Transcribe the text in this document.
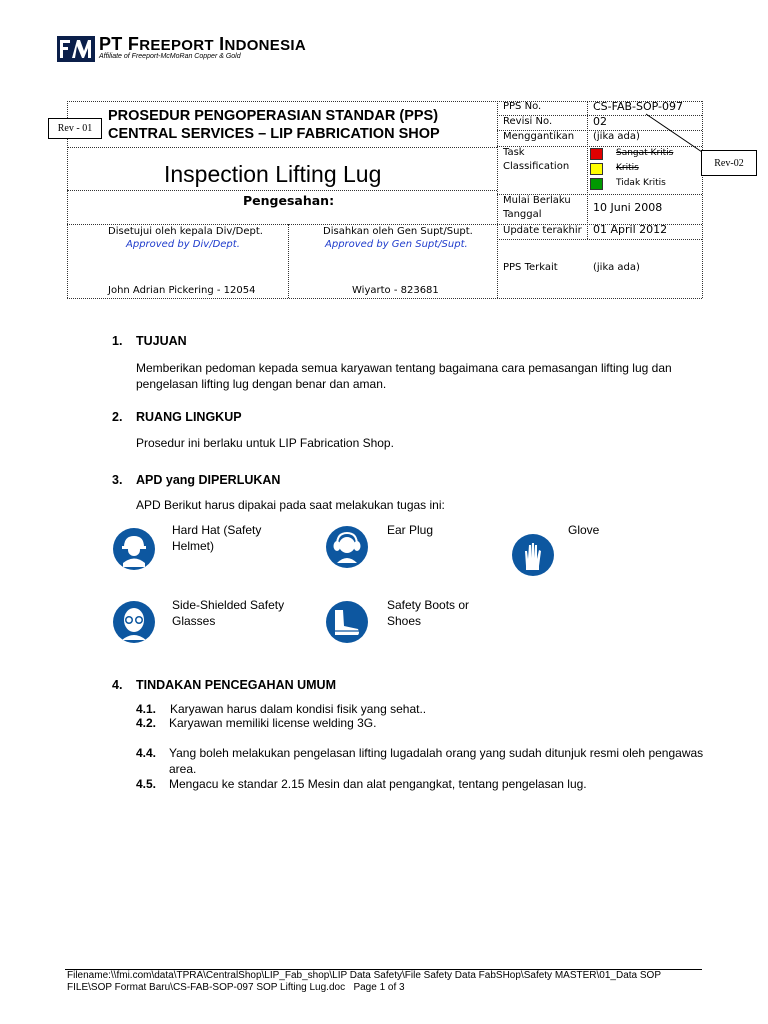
PT FREEPORT INDONESIA
Affiliate of Freeport-McMoRan Copper & Gold
Rev - 01
Rev-02
PROSEDUR PENGOPERASIAN STANDAR (PPS)
CENTRAL SERVICES – LIP FABRICATION SHOP
Inspection Lifting Lug
Pengesahan:
Disetujui oleh kepala Div/Dept.
Approved by Div/Dept.
John Adrian Pickering - 12054
Disahkan oleh Gen Supt/Supt.
Approved by Gen Supt/Supt.
Wiyarto - 823681
PPS No.	CS-FAB-SOP-097
Revisi No.	02
Menggantikan (jika ada)
Task
Classification
Sangat Kritis
Kritis
Tidak Kritis
Mulai Berlaku
Tanggal
10 Juni 2008
Update terakhir 01 April 2012
PPS Terkait	(jika ada)
1. TUJUAN
Memberikan pedoman kepada semua karyawan tentang bagaimana cara pemasangan lifting lug dan pengelasan lifting lug dengan benar dan aman.
2. RUANG LINGKUP
Prosedur ini berlaku untuk LIP Fabrication Shop.
3. APD yang DIPERLUKAN
APD Berikut harus dipakai pada saat melakukan tugas ini:
Hard Hat (Safety Helmet)
Ear Plug	Glove
Side-Shielded Safety Glasses
Safety Boots or Shoes
4. TINDAKAN PENCEGAHAN UMUM
4.1. Karyawan harus dalam kondisi fisik yang sehat..
4.2. Karyawan memiliki license welding 3G.
4.4. Yang boleh melakukan pengelasan lifting lugadalah orang yang sudah ditunjuk resmi oleh pengawas area.
4.5. Mengacu ke standar 2.15 Mesin dan alat pengangkat, tentang pengelasan lug.
Filename:\\fmi.com\data\TPRA\CentralShop\LIP_Fab_shop\LIP Data Safety\File Safety Data FabSHop\Safety MASTER\01_Data SOP
FILE\SOP Format Baru\CS-FAB-SOP-097 SOP Lifting Lug.doc Page 1 of 3
